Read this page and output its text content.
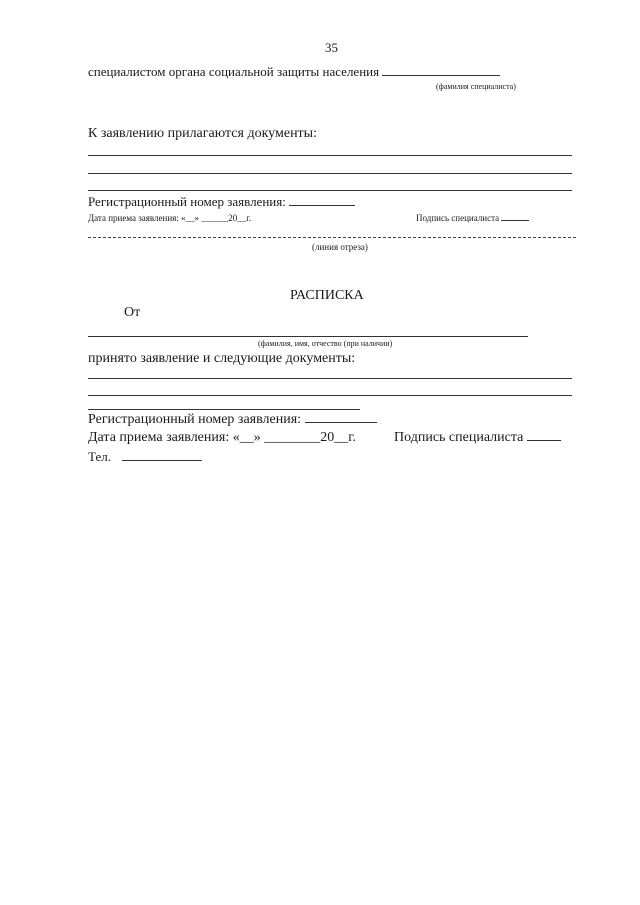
35
специалистом органа социальной защиты населения
(фамилия специалиста)
К заявлению прилагаются документы:
Регистрационный номер заявления:
Дата приема заявления: «__» ______20__г.	Подпись специалиста
(линия отреза)
РАСПИСКА
От
(фамилия, имя, отчество (при наличии)
принято заявление и следующие документы:
Регистрационный номер заявления:
Дата приема заявления: «__» ________20__г.	Подпись специалиста
Тел.
